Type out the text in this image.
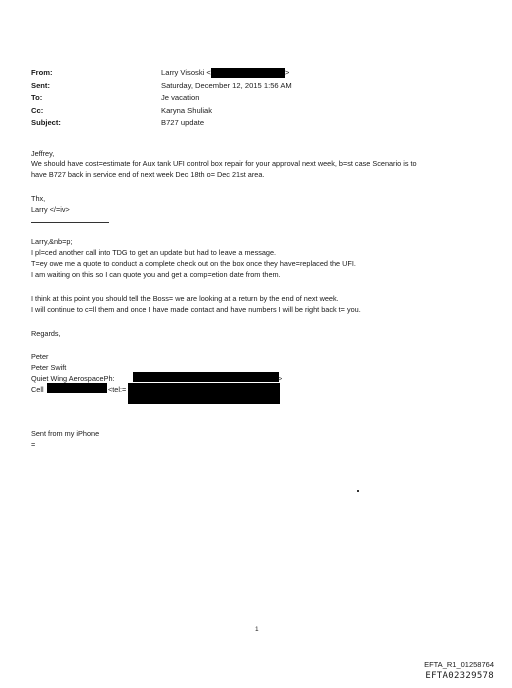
From:	Larry Visoski <	>
Sent:	Saturday, December 12, 2015 1:56 AM
To:	Je vacation
Cc:	Karyna Shuliak
Subject:	B727 update
Jeffrey,
We should have cost=estimate for Aux tank UFI control box repair for your approval next week, b=st case Scenario is to
have B727 back in service end of next week Dec 18th o= Dec 21st area.
Thx,
Larry </=iv>
Larry,&nb=p;
I pl=ced another call into TDG to get an update but had to leave a message.
T=ey owe me a quote to conduct a complete check out on the box once they have=replaced the UFI.
I am waiting on this so I can quote you and get a comp=etion date from them.
I think at this point you should tell the Boss= we are looking at a return by the end of next week.
I will continue to c=ll them and once I have made contact and have numbers I will be right back t= you.
Regards,
Peter
Peter Swift
Quiet Wing AerospacePh:	>
Cell	<tel:=
Sent from my iPhone
=
1
EFTA_R1_01258764
EFTA02329578
